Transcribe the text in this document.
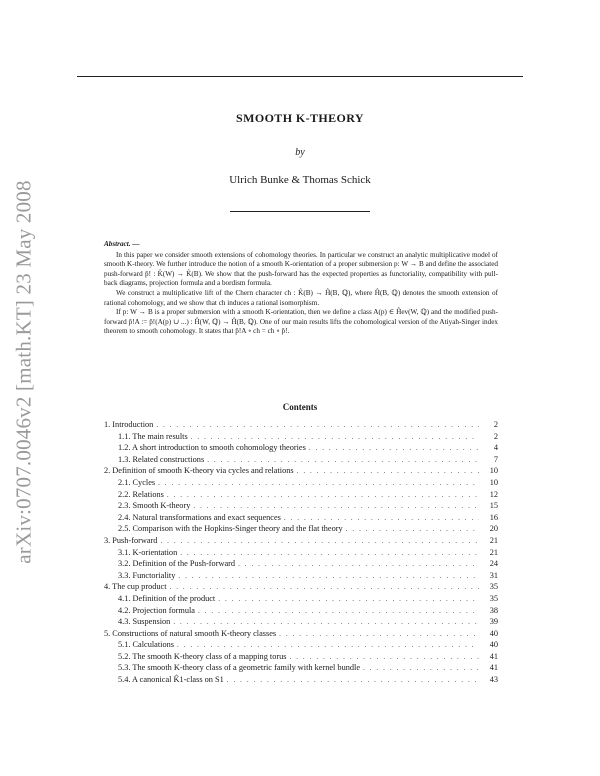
arXiv:0707.0046v2 [math.KT] 23 May 2008
SMOOTH K-THEORY
by
Ulrich Bunke & Thomas Schick

Abstract. —

In this paper we consider smooth extensions of cohomology theories. In particular we construct an analytic multiplicative model of smooth K-theory. We further introduce the notion of a smooth K-orientation of a proper submersion p: W → B and define the associated push-forward p̂! : K̂(W) → K̂(B). We show that the push-forward has the expected properties as functoriality, compatibility with pull-back diagrams, projection formula and a bordism formula.

We construct a multiplicative lift of the Chern character ch : K̂(B) → Ĥ(B, ℚ), where Ĥ(B, ℚ) denotes the smooth extension of rational cohomology, and we show that ch induces a rational isomorphism.

If p: W → B is a proper submersion with a smooth K-orientation, then we define a class A(p) ∈ Ĥev(W, ℚ) and the modified push-forward p̂!A := p̂!(A(p) ∪ ...) : Ĥ(W, ℚ) → Ĥ(B, ℚ). One of our main results lifts the cohomological version of the Atiyah-Singer index theorem to smooth cohomology. It states that p̂!A ∘ ch = ch ∘ p̂!.

Contents
1. Introduction . . .	2
1.1. The main results . . .	2
1.2. A short introduction to smooth cohomology theories . . .	4
1.3. Related constructions . . .	7
2. Definition of smooth K-theory via cycles and relations . . .	10
2.1. Cycles . . .	10
2.2. Relations . . .	12
2.3. Smooth K-theory . . .	15
2.4. Natural transformations and exact sequences . . .	16
2.5. Comparison with the Hopkins-Singer theory and the flat theory . . .	20
3. Push-forward . . .	21
3.1. K-orientation . . .	21
3.2. Definition of the Push-forward . . .	24
3.3. Functoriality . . .	31
4. The cup product . . .	35
4.1. Definition of the product . . .	35
4.2. Projection formula . . .	38
4.3. Suspension . . .	39
5. Constructions of natural smooth K-theory classes . . .	40
5.1. Calculations . . .	40
5.2. The smooth K-theory class of a mapping torus . . .	41
5.3. The smooth K-theory class of a geometric family with kernel bundle . . .	41
5.4. A canonical K̂1-class on S1 . . .	43
